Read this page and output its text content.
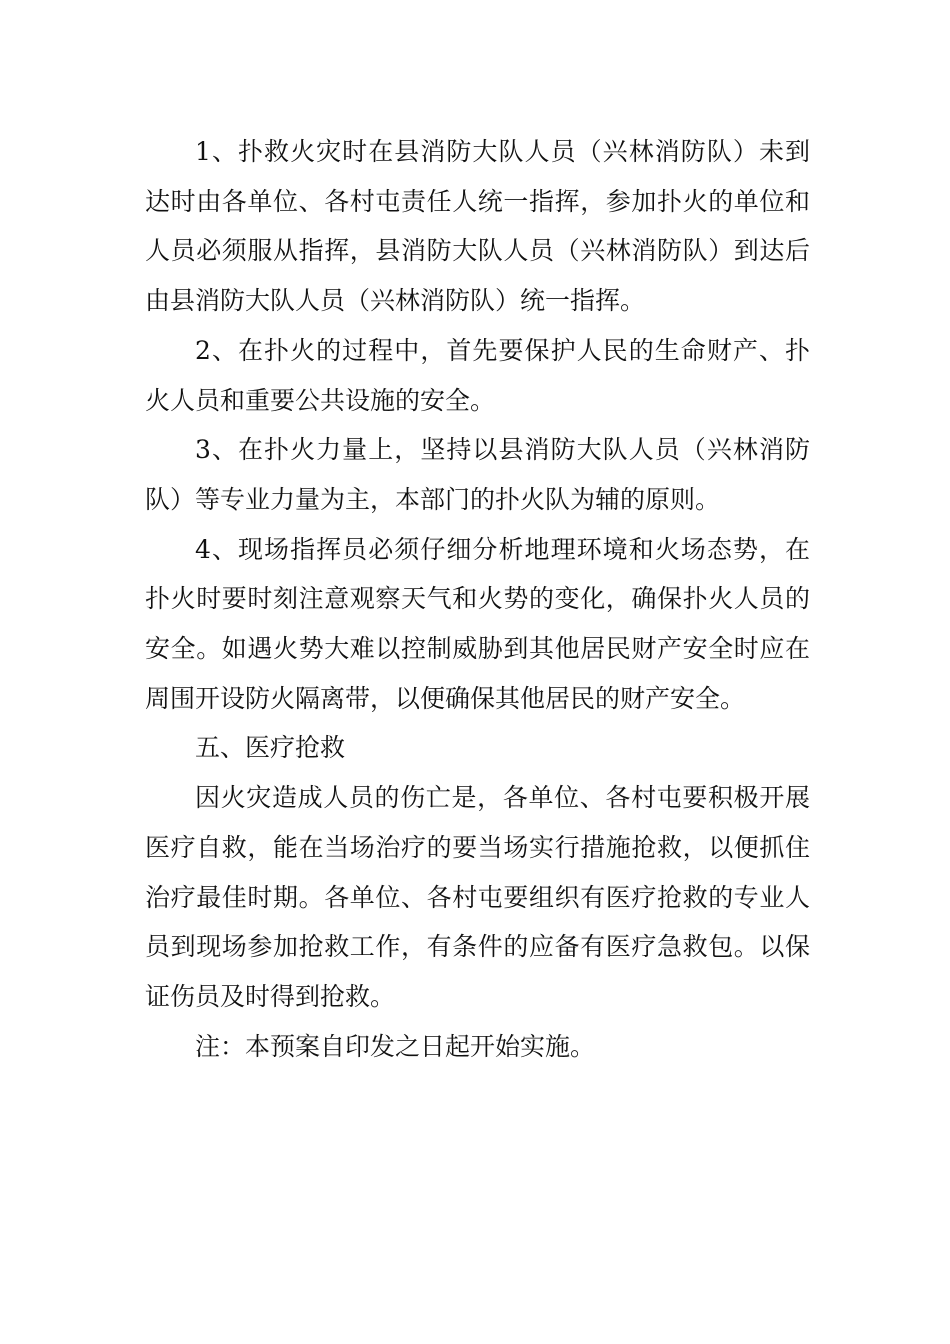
1、扑救火灾时在县消防大队人员（兴林消防队）未到达时由各单位、各村屯责任人统一指挥，参加扑火的单位和人员必须服从指挥，县消防大队人员（兴林消防队）到达后由县消防大队人员（兴林消防队）统一指挥。

2、在扑火的过程中，首先要保护人民的生命财产、扑火人员和重要公共设施的安全。

3、在扑火力量上，坚持以县消防大队人员（兴林消防队）等专业力量为主，本部门的扑火队为辅的原则。

4、现场指挥员必须仔细分析地理环境和火场态势，在扑火时要时刻注意观察天气和火势的变化，确保扑火人员的安全。如遇火势大难以控制威胁到其他居民财产安全时应在周围开设防火隔离带，以便确保其他居民的财产安全。

五、医疗抢救

因火灾造成人员的伤亡是，各单位、各村屯要积极开展医疗自救，能在当场治疗的要当场实行措施抢救，以便抓住治疗最佳时期。各单位、各村屯要组织有医疗抢救的专业人员到现场参加抢救工作，有条件的应备有医疗急救包。以保证伤员及时得到抢救。

注：本预案自印发之日起开始实施。
